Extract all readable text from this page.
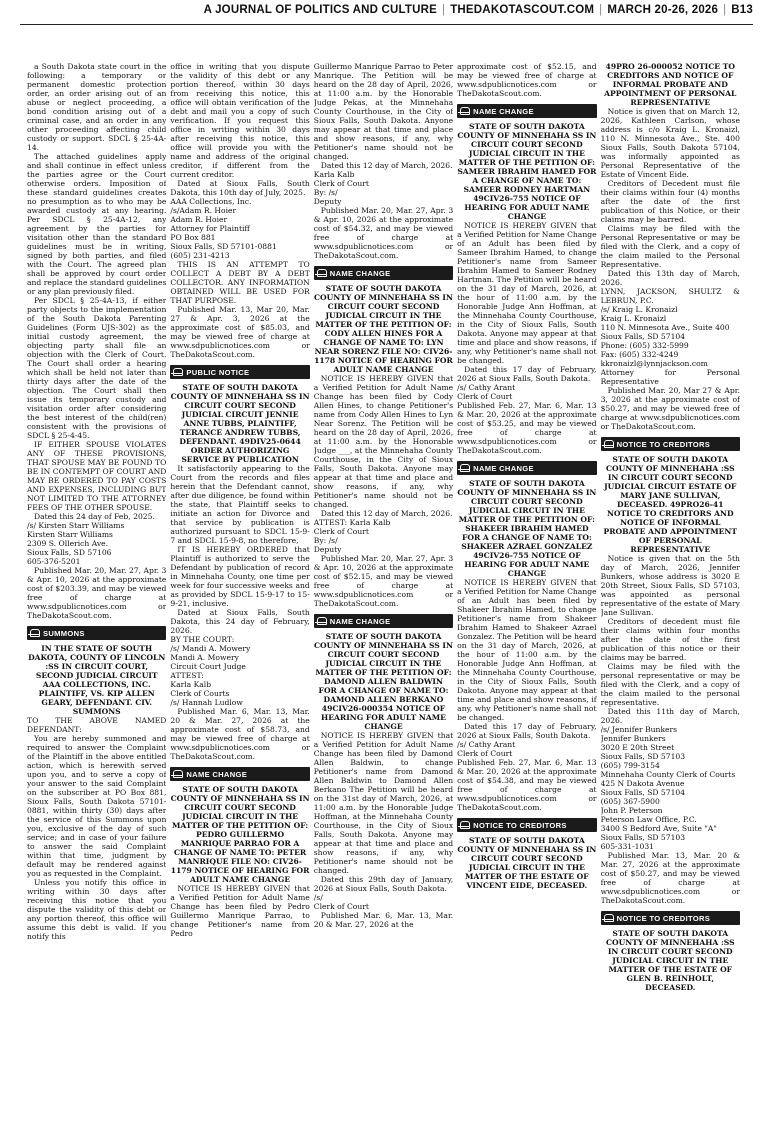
A JOURNAL OF POLITICS AND CULTURE | THEDAKOTASCOUT.COM | MARCH 20-26, 2026 | B13

a South Dakota state court in the following: a temporary or permanent domestic protection order, an order arising out of an abuse or neglect proceeding, a bond condition arising out of a criminal case, and an order in any other proceeding affecting child custody or support. SDCL § 25-4A-14.

The attached guidelines apply and shall continue in effect unless the parties agree or the Court otherwise orders. Imposition of these standard guidelines creates no presumption as to who may be awarded custody at any hearing. Per SDCL § 25-4A-12, any agreement by the parties for visitation other than the standard guidelines must be in writing, signed by both parties, and filed with the Court. The agreed plan shall be approved by court order and replace the standard guidelines or any plan previously filed.

Per SDCL § 25-4A-13, if either party objects to the implementation of the South Dakota Parenting Guidelines (Form UJS-302) as the initial custody agreement, the objecting party shall file an objection with the Clerk of Court. The Court shall order a hearing which shall be held not later than thirty days after the date of the objection. The Court shall then issue its temporary custody and visitation order after considering the best interest of the child(ren) consistent with the provisions of SDCL § 25-4-45.

IF EITHER SPOUSE VIOLATES ANY OF THESE PROVISIONS, THAT SPOUSE MAY BE FOUND TO BE IN CONTEMPT OF COURT AND MAY BE ORDERED TO PAY COSTS AND EXPENSES, INCLUDING BUT NOT LIMITED TO THE ATTORNEY FEES OF THE OTHER SPOUSE.

Dated this 24 day of Feb, 2025.

/s/ Kirsten Starr Williams
Kirsten Starr Williams
2309 S. Ollerich Ave.
Sioux Falls, SD 57106
605-376-5201

Published Mar. 20, Mar. 27, Apr. 3 & Apr. 10, 2026 at the approximate cost of $203.39, and may be viewed free of charge at www.sdpublicnotices.com or TheDakotaScout.com.

SUMMONS

IN THE STATE OF SOUTH DAKOTA, COUNTY OF LINCOLN :SS IN CIRCUIT COURT, SECOND JUDICIAL CIRCUIT AAA COLLECTIONS, INC. PLAINTIFF, VS. KIP ALLEN GEARY, DEFENDANT. CIV. SUMMONS

TO THE ABOVE NAMED DEFENDANT:

You are hereby summoned and required to answer the Complaint of the Plaintiff in the above entitled action, which is herewith served upon you, and to serve a copy of your answer to the said Complaint on the subscriber at PO Box 881, Sioux Falls, South Dakota 57101-0881, within thirty (30) days after the service of this Summons upon you, exclusive of the day of such service; and in case of your failure to answer the said Complaint within that time, judgment by default may be rendered against you as requested in the Complaint.

Unless you notify this office in writing within 30 days after receiving this notice that you dispute the validity of this debt or any portion thereof, this office will assume this debt is valid. If you notify this

office in writing that you dispute the validity of this debt or any portion thereof, within 30 days from receiving this notice, this office will obtain verification of the debt and mail you a copy of such verification. If you request this office in writing within 30 days after receiving this notice, this office will provide you with the name and address of the original creditor, if different from the current creditor.

Dated at Sioux Falls, South Dakota, this 10th day of July, 2025.

AAA Collections, Inc.
/s/Adam R. Hoier
Adam R. Hoier
Attorney for Plaintiff
PO Box 881
Sioux Falls, SD 57101-0881
(605) 231-4213

THIS IS AN ATTEMPT TO COLLECT A DEBT BY A DEBT COLLECTOR. ANY INFORMATION OBTAINED WILL BE USED FOR THAT PURPOSE.

Published Mar. 13, Mar 20, Mar. 27 & Apr. 3, 2026 at the approximate cost of $85.03, and may be viewed free of charge at www.sdpublicnotices.com or TheDakotaScout.com.

PUBLIC NOTICE

STATE OF SOUTH DAKOTA COUNTY OF MINNEHAHA SS IN CIRCUIT COURT SECOND JUDICIAL CIRCUIT JENNIE ANNE TUBBS, PLAINTIFF, TERANCE ANDREW TUBBS, DEFENDANT. 49DIV25-0644 ORDER AUTHORIZING SERVICE BY PUBLICATION

It satisfactorily appearing to the Court from the records and files herein that the Defendant cannot, after due diligence, be found within the state, that Plaintiff seeks to initiate an action for Divorce and that service by publication is authorized pursuant to SDCL 15-9-7 and SDCL 15-9-8, no therefore,

IT IS HEREBY ORDERED that Plaintiff is authorized to serve the Defendant by publication of record in Minnehaha County, one time per week for four successive weeks and as provided by SDCL 15-9-17 to 15-9-21, inclusive.

Dated at Sioux Falls, South Dakota, this 24 day of February, 2026.

BY THE COURT:
/s/ Mandi A. Mowery
Mandi A. Mowery
Circuit Court Judge
ATTEST:
Karla Kalb
Clerk of Courts
/s/ Hannah Ludlow

Published Mar. 6, Mar. 13, Mar. 20 & Mar. 27, 2026 at the approximate cost of $58.73, and may be viewed free of charge at www.sdpublicnotices.com or TheDakotaScout.com.

NAME CHANGE

STATE OF SOUTH DAKOTA COUNTY OF MINNEHAHA SS IN CIRCUIT COURT SECOND JUDICIAL CIRCUIT IN THE MATTER OF THE PETITION OF: PEDRO GUILLERMO MANRIQUE PARRAO FOR A CHANGE OF NAME TO: PETER MANRIQUE FILE NO: CIV26-1179 NOTICE OF HEARING FOR ADULT NAME CHANGE

NOTICE IS HEREBY GIVEN that a Verified Petition for Adult Name Change has been filed by Pedro Guillermo Manrique Parrao, to change Petitioner's name from Pedro

Guillermo Manrique Parrao to Peter Manrique. The Petition will be heard on the 28 day of April, 2026, at 11:00 a.m. by the Honorable Judge Pekas, at the Minnehaha County Courthouse, in the City of Sioux Falls, South Dakota. Anyone may appear at that time and place and show reasons, if any, why Petitioner's name should not be changed.

Dated this 12 day of March, 2026.

Karla Kalb
Clerk of Court
By: /s/
Deputy

Published Mar. 20, Mar. 27, Apr. 3 & Apr. 10, 2026 at the approximate cost of $54.32, and may be viewed free of charge at www.sdpublicnotices.com or TheDakotaScout.com.

NAME CHANGE

STATE OF SOUTH DAKOTA COUNTY OF MINNEHAHA SS IN CIRCUIT COURT SECOND JUDICIAL CIRCUIT IN THE MATTER OF THE PETITION OF: CODY ALLEN HINES FOR A CHANGE OF NAME TO: LYN NEAR SORENZ FILE NO: CIV26-1178 NOTICE OF HEARING FOR ADULT NAME CHANGE

NOTICE IS HEREBY GIVEN that a Verified Petition for Adult Name Change has been filed by Cody Allen Hines, to change Petitioner's name from Cody Allen Hines to Lyn Near Sorenz. The Petition will be heard on the 28 day of April, 2026, at 11:00 a.m. by the Honorable Judge ___, at the Minnehaha County Courthouse, in the City of Sioux Falls, South Dakota. Anyone may appear at that time and place and show reasons, if any, why Petitioner's name should not be changed.

Dated this 12 day of March, 2026.

ATTEST: Karla Kalb
Clerk of Court
By: /s/
Deputy

Published Mar. 20, Mar. 27, Apr. 3 & Apr. 10, 2026 at the approximate cost of $52.15, and may be viewed free of charge at www.sdpublicnotices.com or TheDakotaScout.com.

NAME CHANGE

STATE OF SOUTH DAKOTA COUNTY OF MINNEHAHA SS IN CIRCUIT COURT SECOND JUDICIAL CIRCUIT IN THE MATTER OF THE PETITION OF: DAMOND ALLEN BALDWIN FOR A CHANGE OF NAME TO: DAMOND ALLEN BERKANO 49CIV26-000354 NOTICE OF HEARING FOR ADULT NAME CHANGE

NOTICE IS HEREBY GIVEN that a Verified Petition for Adult Name Change has been filed by Damond Allen Baldwin, to change Petitioner's name from Damond Allen Baldwin to Damond Allen Berkano The Petition will be heard on the 31st day of March, 2026, at 11:00 a.m. by the Honorable Judge Hoffman, at the Minnehaha County Courthouse, in the City of Sioux Falls, South Dakota. Anyone may appear at that time and place and show reasons, if any, why Petitioner's name should not be changed.

Dated this 29th day of January, 2026 at Sioux Falls, South Dakota.

/s/
Clerk of Court

Published Mar. 6, Mar. 13, Mar. 20 & Mar. 27, 2026 at the

approximate cost of $52.15, and may be viewed free of charge at www.sdpublicnotices.com or TheDakotaScout.com.

NAME CHANGE

STATE OF SOUTH DAKOTA COUNTY OF MINNEHAHA SS IN CIRCUIT COURT SECOND JUDICIAL CIRCUIT IN THE MATTER OF THE PETITION OF: SAMEER IBRAHIM HAMED FOR A CHANGE OF NAME TO: SAMEER RODNEY HARTMAN 49CIV26-755 NOTICE OF HEARING FOR ADULT NAME CHANGE

NOTICE IS HEREBY GIVEN that a Verified Petition for Name Change of an Adult has been filed by Sameer Ibrahim Hamed, to change Petitioner's name from Sameer Ibrahim Hamed to Sameer Rodney Hartman. The Petition will be heard on the 31 day of March, 2026, at the hour of 11:00 a.m. by the Honorable Judge Ann Hoffman, at the Minnehaha County Courthouse, in the City of Sioux Falls, South Dakota. Anyone may appear at that time and place and show reasons, if any, why Petitioner's name shall not be changed.

Dated this 17 day of February, 2026 at Sioux Falls, South Dakota.

/s/ Cathy Arant
Clerk of Court

Published Feb. 27, Mar. 6, Mar. 13 & Mar. 20, 2026 at the approximate cost of $53.25, and may be viewed free of charge at www.sdpublicnotices.com or TheDakotaScout.com.

NAME CHANGE

STATE OF SOUTH DAKOTA COUNTY OF MINNEHAHA SS IN CIRCUIT COURT SECOND JUDICIAL CIRCUIT IN THE MATTER OF THE PETITION OF: SHAKEER IBRAHIM HAMED FOR A CHANGE OF NAME TO: SHAKEER AZRAEL GONZALEZ 49CIV26-755 NOTICE OF HEARING FOR ADULT NAME CHANGE

NOTICE IS HEREBY GIVEN that a Verified Petition for Name Change of an Adult has been filed by Shakeer Ibrahim Hamed, to change Petitioner's name from Shakeer Ibrahim Hamed to Shakeer Azrael Gonzalez. The Petition will be heard on the 31 day of March, 2026, at the hour of 11:00 a.m. by the Honorable Judge Ann Hoffman, at the Minnehaha County Courthouse, in the City of Sioux Falls, South Dakota. Anyone may appear at that time and place and show reasons, if any, why Petitioner's name shall not be changed.

Dated this 17 day of February, 2026 at Sioux Falls, South Dakota.

/s/ Cathy Arant
Clerk of Court

Published Feb. 27, Mar. 6, Mar. 13 & Mar. 20, 2026 at the approximate cost of $54.38, and may be viewed free of charge at www.sdpublicnotices.com or TheDakotaScout.com.

NOTICE TO CREDITORS

STATE OF SOUTH DAKOTA COUNTY OF MINNEHAHA SS IN CIRCUIT COURT SECOND JUDICIAL CIRCUIT IN THE MATTER OF THE ESTATE OF VINCENT EIDE, DECEASED.

49PRO 26-000052 NOTICE TO CREDITORS AND NOTICE OF INFORMAL PROBATE AND APPOINTMENT OF PERSONAL REPRESENTATIVE

Notice is given that on March 12, 2026, Kathleen Carlson, whose address is c/o Kraig L. Kronaizl, 110 N. Minnesota Ave., Ste. 400 Sioux Falls, South Dakota 57104, was informally appointed as Personal Representative of the Estate of Vincent Eide.

Creditors of Decedent must file their claims within four (4) months after the date of the first publication of this Notice, or their claims may be barred.

Claims may be filed with the Personal Representative or may be filed with the Clerk, and a copy of the claim mailed to the Personal Representative.

Dated this 13th day of March, 2026.

LYNN, JACKSON, SHULTZ & LEBRUN, P.C.
/s/ Kraig L. Kronaizl
Kraig L. Kronaizl
110 N. Minnesota Ave., Suite 400
Sioux Falls, SD 57104
Phone: (605) 332-5999
Fax: (605) 332-4249
kkronaizl@lynnjackson.com
Attorney for Personal Representative

Published Mar. 20, Mar 27 & Apr. 3, 2026 at the approximate cost of $50.27, and may be viewed free of charge at www.sdpublicnotices.com or TheDakotaScout.com.

NOTICE TO CREDITORS

STATE OF SOUTH DAKOTA COUNTY OF MINNEHAHA :SS IN CIRCUIT COURT SECOND JUDICIAL CIRCUIT ESTATE OF MARY JANE SULLIVAN, DECEASED. 49PRO26-41 NOTICE TO CREDITORS AND NOTICE OF INFORMAL PROBATE AND APPOINTMENT OF PERSONAL REPRESENTATIVE

Notice is given that on the 5th day of March, 2026, Jennifer Bunkers, whose address is 3020 E 20th Street, Sioux Falls, SD 57103, was appointed as personal representative of the estate of Mary Jane Sullivan.

Creditors of decedent must file their claims within four months after the date of the first publication of this notice or their claims may be barred.

Claims may be filed with the personal representative or may be filed with the Clerk, and a copy of the claim mailed to the personal representative.

Dated this 11th day of March, 2026.

/s/ Jennifer Bunkers
Jennifer Bunkers
3020 E 20th Street
Sioux Falls, SD 57103
(605) 799-3154
Minnehaha County Clerk of Courts
425 N Dakota Avenue
Sioux Falls, SD 57104
(605) 367-5900
John P. Peterson
Peterson Law Office, P.C.
3400 S Bedford Ave, Suite "A"
Sioux Falls, SD 57103
605-331-1031

Published Mar. 13, Mar. 20 & Mar. 27, 2026 at the approximate cost of $50.27, and may be viewed free of charge at www.sdpublicnotices.com or TheDakotaScout.com.

NOTICE TO CREDITORS

STATE OF SOUTH DAKOTA COUNTY OF MINNEHAHA :SS IN CIRCUIT COURT SECOND JUDICIAL CIRCUIT IN THE MATTER OF THE ESTATE OF GLEN B. REINHOLT, DECEASED.
